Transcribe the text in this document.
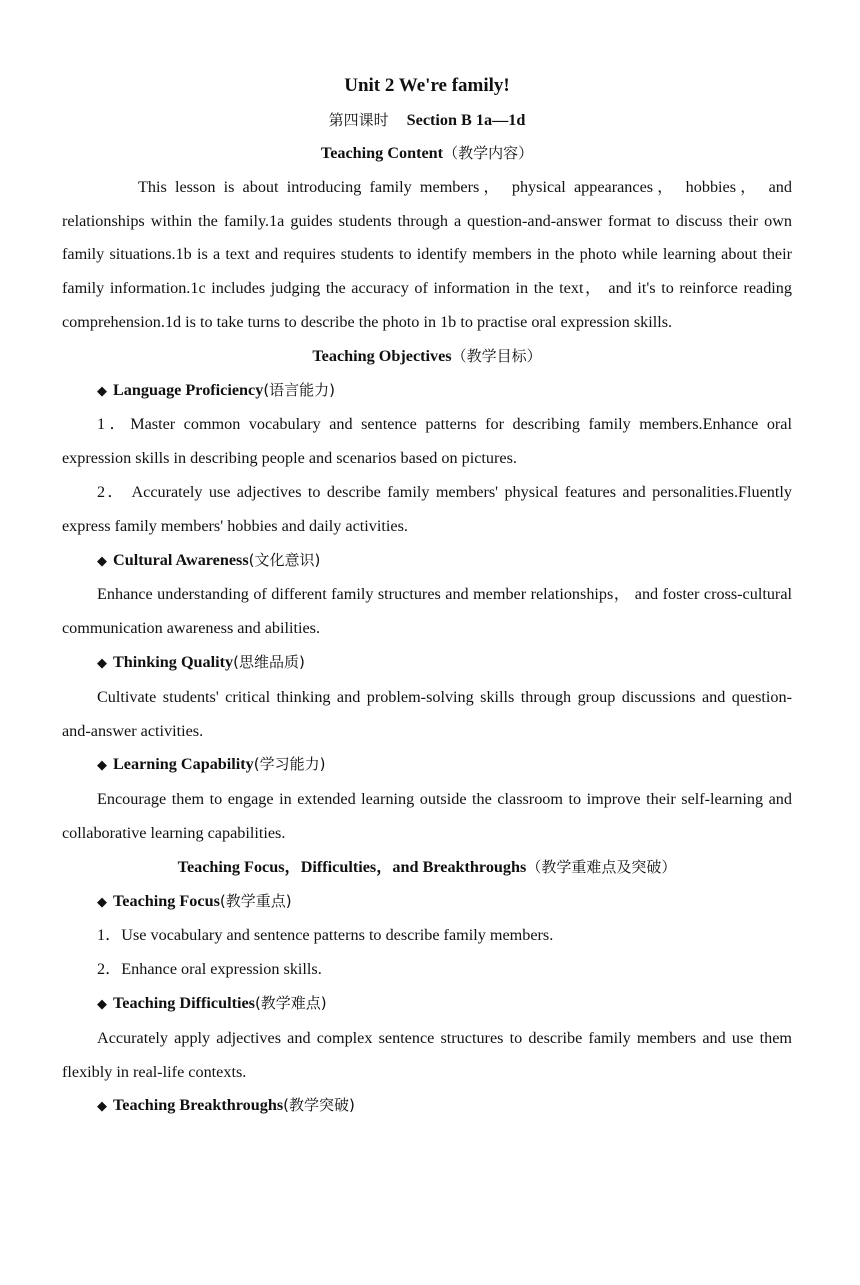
Unit 2 We're family!
第四课时 Section B 1a—1d
Teaching Content（教学内容）
This lesson is about introducing family members， physical appearances， hobbies， and relationships within the family.1a guides students through a question‐and‐answer format to discuss their own family situations.1b is a text and requires students to identify members in the photo while learning about their family information.1c includes judging the accuracy of information in the text， and it's to reinforce reading comprehension.1d is to take turns to describe the photo in 1b to practise oral expression skills.
Teaching Objectives（教学目标）
◆ Language Proficiency(语言能力)
1．Master common vocabulary and sentence patterns for describing family members.Enhance oral expression skills in describing people and scenarios based on pictures.
2． Accurately use adjectives to describe family members' physical features and personalities.Fluently express family members' hobbies and daily activities.
◆ Cultural Awareness(文化意识)
Enhance understanding of different family structures and member relationships， and foster cross‐cultural communication awareness and abilities.
◆ Thinking Quality(思维品质)
Cultivate students' critical thinking and problem‐solving skills through group discussions and question‐and‐answer activities.
◆ Learning Capability(学习能力)
Encourage them to engage in extended learning outside the classroom to improve their self-learning and collaborative learning capabilities.
Teaching Focus，Difficulties，and Breakthroughs（教学重难点及突破）
◆ Teaching Focus(教学重点)
1．Use vocabulary and sentence patterns to describe family members.
2．Enhance oral expression skills.
◆ Teaching Difficulties(教学难点)
Accurately apply adjectives and complex sentence structures to describe family members and use them flexibly in real‐life contexts.
◆ Teaching Breakthroughs(教学突破)
